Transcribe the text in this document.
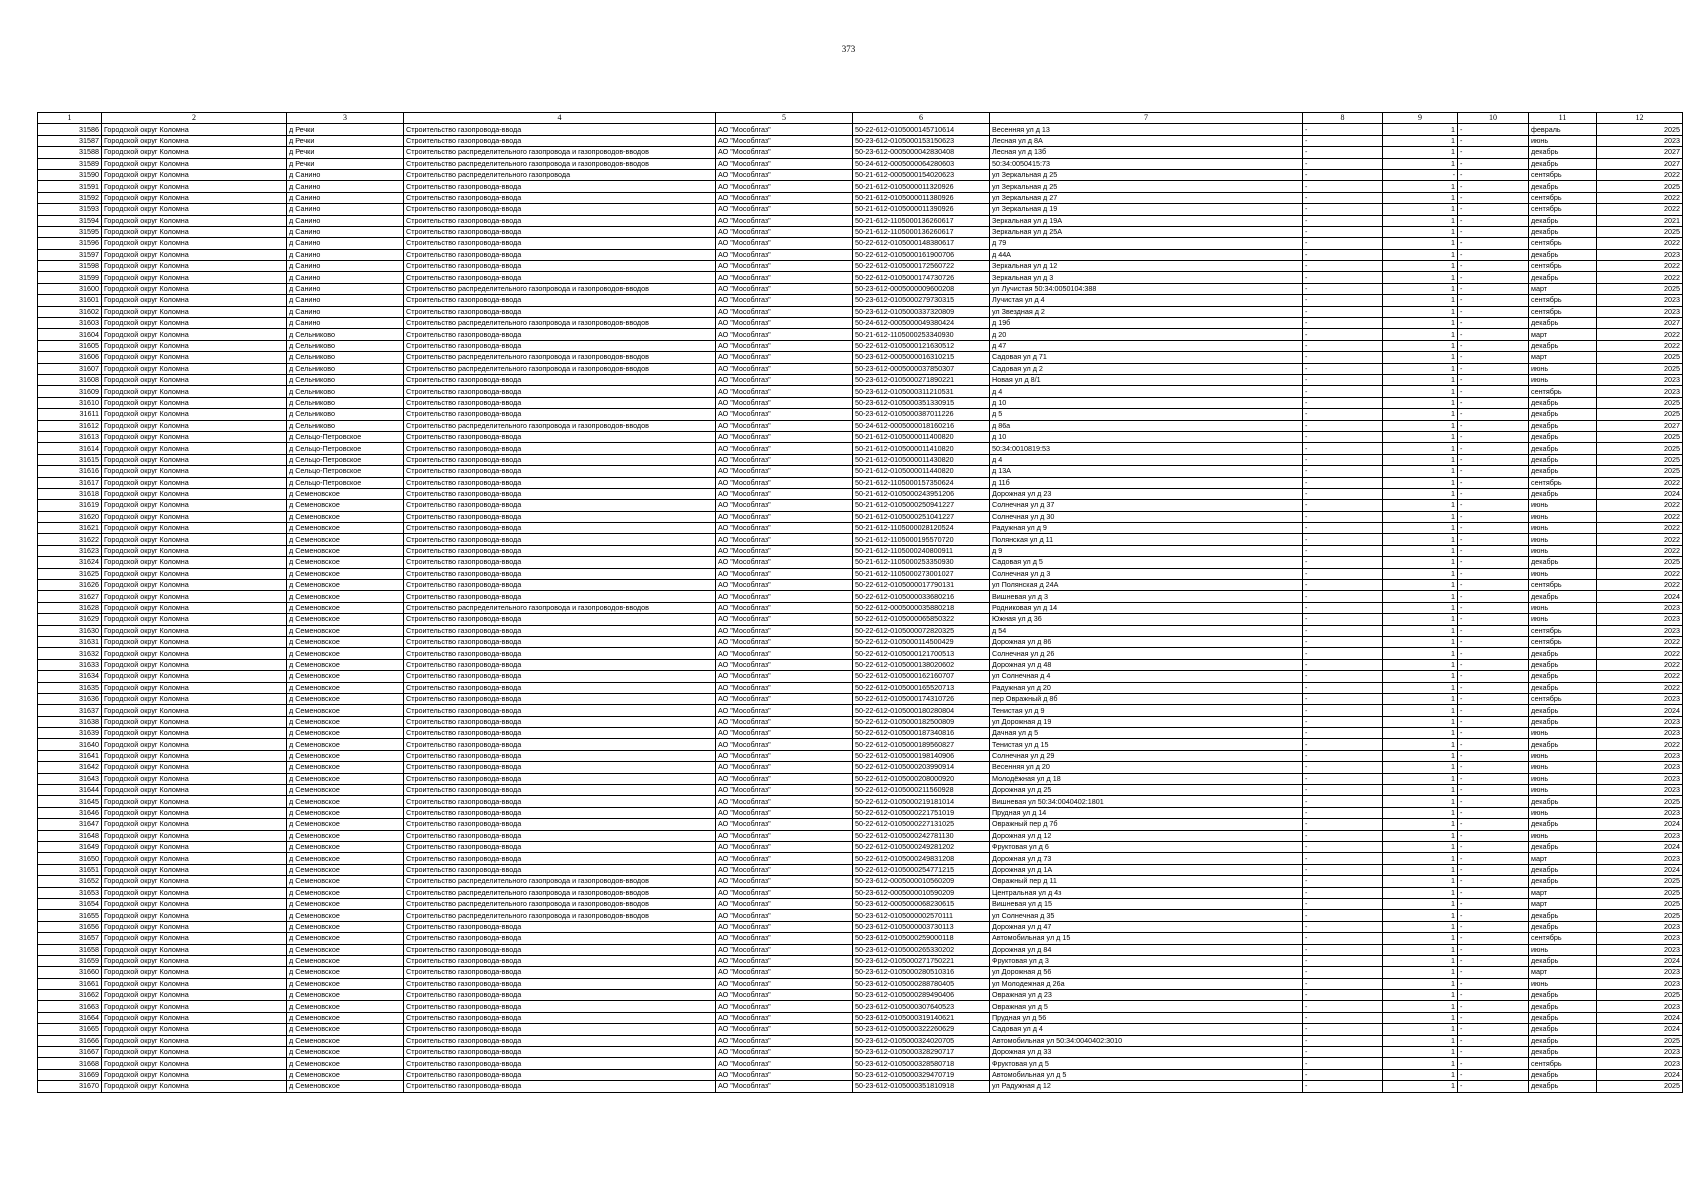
373
1	2	3	4	5	6	7	8	9	10	11	12
31586	Городской округ Коломна	д Речки	Строительство газопровода-ввода	АО "Мособлгаз"	50-22-612-0105000145710614	Весенняя ул д 13	-	1	-	февраль	2025
31587	Городской округ Коломна	д Речки	Строительство газопровода-ввода	АО "Мособлгаз"	50-23-612-0105000153150623	Лесная ул д 8А	-	1	-	июнь	2023
31588	Городской округ Коломна	д Речки	Строительство распределительного газопровода и газопроводов-вводов	АО "Мособлгаз"	50-23-612-0005000042830408	Лесная ул д 13б	-	1	-	декабрь	2027
31589	Городской округ Коломна	д Речки	Строительство распределительного газопровода и газопроводов-вводов	АО "Мособлгаз"	50-24-612-0005000064280603	50:34:0050415:73	-	1	-	декабрь	2027
31590	Городской округ Коломна	д Санино	Строительство распределительного газопровода	АО "Мособлгаз"	50-21-612-0005000154020623	ул Зеркальная д 25	-	-	-	сентябрь	2022
31591	Городской округ Коломна	д Санино	Строительство газопровода-ввода	АО "Мособлгаз"	50-21-612-0105000011320926	ул Зеркальная д 25	-	1	-	декабрь	2025
31592	Городской округ Коломна	д Санино	Строительство газопровода-ввода	АО "Мособлгаз"	50-21-612-0105000011380926	ул Зеркальная д 27	-	1	-	сентябрь	2022
31593	Городской округ Коломна	д Санино	Строительство газопровода-ввода	АО "Мособлгаз"	50-21-612-0105000011390926	ул Зеркальная д 19	-	1	-	сентябрь	2022
31594	Городской округ Коломна	д Санино	Строительство газопровода-ввода	АО "Мособлгаз"	50-21-612-1105000136260617	Зеркальная ул д 19А	-	1	-	декабрь	2021
31595	Городской округ Коломна	д Санино	Строительство газопровода-ввода	АО "Мособлгаз"	50-21-612-1105000136260617	Зеркальная ул д 25А	-	1	-	декабрь	2025
31596	Городской округ Коломна	д Санино	Строительство газопровода-ввода	АО "Мособлгаз"	50-22-612-0105000148380617	д 79	-	1	-	сентябрь	2022
31597	Городской округ Коломна	д Санино	Строительство газопровода-ввода	АО "Мособлгаз"	50-22-612-0105000161900706	д 44А	-	1	-	декабрь	2023
31598	Городской округ Коломна	д Санино	Строительство газопровода-ввода	АО "Мособлгаз"	50-22-612-0105000172560722	Зеркальная ул д 12	-	1	-	сентябрь	2022
31599	Городской округ Коломна	д Санино	Строительство газопровода-ввода	АО "Мособлгаз"	50-22-612-0105000174730726	Зеркальная ул д 3	-	1	-	декабрь	2022
31600	Городской округ Коломна	д Санино	Строительство распределительного газопровода и газопроводов-вводов	АО "Мособлгаз"	50-23-612-0005000009600208	ул Лучистая 50:34:0050104:388	-	1	-	март	2025
31601	Городской округ Коломна	д Санино	Строительство газопровода-ввода	АО "Мособлгаз"	50-23-612-0105000279730315	Лучистая ул д 4	-	1	-	сентябрь	2023
31602	Городской округ Коломна	д Санино	Строительство газопровода-ввода	АО "Мособлгаз"	50-23-612-0105000337320809	ул Звездная д 2	-	1	-	сентябрь	2023
31603	Городской округ Коломна	д Санино	Строительство распределительного газопровода и газопроводов-вводов	АО "Мособлгаз"	50-24-612-0005000049380424	д 19б	-	1	-	декабрь	2027
31604	Городской округ Коломна	д Сельниково	Строительство газопровода-ввода	АО "Мособлгаз"	50-21-612-1105000253340930	д 20	-	1	-	март	2022
31605	Городской округ Коломна	д Сельниково	Строительство газопровода-ввода	АО "Мособлгаз"	50-22-612-0105000121630512	д 47	-	1	-	декабрь	2022
31606	Городской округ Коломна	д Сельниково	Строительство распределительного газопровода и газопроводов-вводов	АО "Мособлгаз"	50-23-612-0005000016310215	Садовая ул д 71	-	1	-	март	2025
31607	Городской округ Коломна	д Сельниково	Строительство распределительного газопровода и газопроводов-вводов	АО "Мособлгаз"	50-23-612-0005000037850307	Садовая ул д 2	-	1	-	июнь	2025
31608	Городской округ Коломна	д Сельниково	Строительство газопровода-ввода	АО "Мособлгаз"	50-23-612-0105000271890221	Новая ул д 8/1	-	1	-	июнь	2023
31609	Городской округ Коломна	д Сельниково	Строительство газопровода-ввода	АО "Мособлгаз"	50-23-612-0105000311210531	д 4	-	1	-	сентябрь	2023
31610	Городской округ Коломна	д Сельниково	Строительство газопровода-ввода	АО "Мособлгаз"	50-23-612-0105000351330915	д 10	-	1	-	декабрь	2025
31611	Городской округ Коломна	д Сельниково	Строительство газопровода-ввода	АО "Мособлгаз"	50-23-612-0105000387011226	д 5	-	1	-	декабрь	2025
31612	Городской округ Коломна	д Сельниково	Строительство распределительного газопровода и газопроводов-вводов	АО "Мособлгаз"	50-24-612-0005000018160216	д 86а	-	1	-	декабрь	2027
31613	Городской округ Коломна	д Сельцо-Петровское	Строительство газопровода-ввода	АО "Мособлгаз"	50-21-612-0105000011400820	д 10	-	1	-	декабрь	2025
31614	Городской округ Коломна	д Сельцо-Петровское	Строительство газопровода-ввода	АО "Мособлгаз"	50-21-612-0105000011410820	50:34:0010819:53	-	1	-	декабрь	2025
31615	Городской округ Коломна	д Сельцо-Петровское	Строительство газопровода-ввода	АО "Мособлгаз"	50-21-612-0105000011430820	д 4	-	1	-	декабрь	2025
31616	Городской округ Коломна	д Сельцо-Петровское	Строительство газопровода-ввода	АО "Мособлгаз"	50-21-612-0105000011440820	д 13А	-	1	-	декабрь	2025
31617	Городской округ Коломна	д Сельцо-Петровское	Строительство газопровода-ввода	АО "Мособлгаз"	50-21-612-1105000157350624	д 11б	-	1	-	сентябрь	2022
31618	Городской округ Коломна	д Семеновское	Строительство газопровода-ввода	АО "Мособлгаз"	50-21-612-0105000243951206	Дорожная ул д 23	-	1	-	декабрь	2024
31619	Городской округ Коломна	д Семеновское	Строительство газопровода-ввода	АО "Мособлгаз"	50-21-612-0105000250941227	Солнечная ул д 37	-	1	-	июнь	2022
31620	Городской округ Коломна	д Семеновское	Строительство газопровода-ввода	АО "Мособлгаз"	50-21-612-0105000251041227	Солнечная ул д 30	-	1	-	июнь	2022
31621	Городской округ Коломна	д Семеновское	Строительство газопровода-ввода	АО "Мособлгаз"	50-21-612-1105000028120524	Радужная ул д 9	-	1	-	июнь	2022
31622	Городской округ Коломна	д Семеновское	Строительство газопровода-ввода	АО "Мособлгаз"	50-21-612-1105000195570720	Полянская ул д 11	-	1	-	июнь	2022
31623	Городской округ Коломна	д Семеновское	Строительство газопровода-ввода	АО "Мособлгаз"	50-21-612-1105000240800911	д 9	-	1	-	июнь	2022
31624	Городской округ Коломна	д Семеновское	Строительство газопровода-ввода	АО "Мособлгаз"	50-21-612-1105000253350930	Садовая ул д 5	-	1	-	декабрь	2025
31625	Городской округ Коломна	д Семеновское	Строительство газопровода-ввода	АО "Мособлгаз"	50-21-612-1105000273001027	Солнечная ул д 3	-	1	-	июнь	2022
31626	Городской округ Коломна	д Семеновское	Строительство газопровода-ввода	АО "Мособлгаз"	50-22-612-0105000017790131	ул Полянская д 24А	-	1	-	сентябрь	2022
31627	Городской округ Коломна	д Семеновское	Строительство газопровода-ввода	АО "Мособлгаз"	50-22-612-0105000033680216	Вишневая ул д 3	-	1	-	декабрь	2024
31628	Городской округ Коломна	д Семеновское	Строительство распределительного газопровода и газопроводов-вводов	АО "Мособлгаз"	50-22-612-0005000035880218	Родниковая ул д 14	-	1	-	июнь	2023
31629	Городской округ Коломна	д Семеновское	Строительство газопровода-ввода	АО "Мособлгаз"	50-22-612-0105000065850322	Южная ул д 36	-	1	-	июнь	2023
31630	Городской округ Коломна	д Семеновское	Строительство газопровода-ввода	АО "Мособлгаз"	50-22-612-0105000072820325	д 54	-	1	-	сентябрь	2023
31631	Городской округ Коломна	д Семеновское	Строительство газопровода-ввода	АО "Мособлгаз"	50-22-612-0105000114500429	Дорожная ул д 86	-	1	-	сентябрь	2022
31632	Городской округ Коломна	д Семеновское	Строительство газопровода-ввода	АО "Мособлгаз"	50-22-612-0105000121700513	Солнечная ул д 26	-	1	-	декабрь	2022
31633	Городской округ Коломна	д Семеновское	Строительство газопровода-ввода	АО "Мособлгаз"	50-22-612-0105000138020602	Дорожная ул д 48	-	1	-	декабрь	2022
31634	Городской округ Коломна	д Семеновское	Строительство газопровода-ввода	АО "Мособлгаз"	50-22-612-0105000162160707	ул Солнечная д 4	-	1	-	декабрь	2022
31635	Городской округ Коломна	д Семеновское	Строительство газопровода-ввода	АО "Мособлгаз"	50-22-612-0105000165520713	Радужная ул д 20	-	1	-	декабрь	2022
31636	Городской округ Коломна	д Семеновское	Строительство газопровода-ввода	АО "Мособлгаз"	50-22-612-0105000174310726	пер Овражный д 8б	-	1	-	сентябрь	2023
31637	Городской округ Коломна	д Семеновское	Строительство газопровода-ввода	АО "Мособлгаз"	50-22-612-0105000180280804	Тенистая ул д 9	-	1	-	декабрь	2024
31638	Городской округ Коломна	д Семеновское	Строительство газопровода-ввода	АО "Мособлгаз"	50-22-612-0105000182500809	ул Дорожная д 19	-	1	-	декабрь	2023
31639	Городской округ Коломна	д Семеновское	Строительство газопровода-ввода	АО "Мособлгаз"	50-22-612-0105000187340816	Дачная ул д 5	-	1	-	июнь	2023
31640	Городской округ Коломна	д Семеновское	Строительство газопровода-ввода	АО "Мособлгаз"	50-22-612-0105000189560827	Тенистая ул д 15	-	1	-	декабрь	2022
31641	Городской округ Коломна	д Семеновское	Строительство газопровода-ввода	АО "Мособлгаз"	50-22-612-0105000198140906	Солнечная ул д 29	-	1	-	июнь	2023
31642	Городской округ Коломна	д Семеновское	Строительство газопровода-ввода	АО "Мособлгаз"	50-22-612-0105000203990914	Весенняя ул д 20	-	1	-	июнь	2023
31643	Городской округ Коломна	д Семеновское	Строительство газопровода-ввода	АО "Мособлгаз"	50-22-612-0105000208000920	Молодёжная ул д 18	-	1	-	июнь	2023
31644	Городской округ Коломна	д Семеновское	Строительство газопровода-ввода	АО "Мособлгаз"	50-22-612-0105000211560928	Дорожная ул д 25	-	1	-	июнь	2023
31645	Городской округ Коломна	д Семеновское	Строительство газопровода-ввода	АО "Мособлгаз"	50-22-612-0105000219181014	Вишневая ул 50:34:0040402:1801	-	1	-	декабрь	2025
31646	Городской округ Коломна	д Семеновское	Строительство газопровода-ввода	АО "Мособлгаз"	50-22-612-0105000221751019	Прудная ул д 14	-	1	-	июнь	2023
31647	Городской округ Коломна	д Семеновское	Строительство газопровода-ввода	АО "Мособлгаз"	50-22-612-0105000227131025	Овражный пер д 7б	-	1	-	декабрь	2024
31648	Городской округ Коломна	д Семеновское	Строительство газопровода-ввода	АО "Мособлгаз"	50-22-612-0105000242781130	Дорожная ул д 12	-	1	-	июнь	2023
31649	Городской округ Коломна	д Семеновское	Строительство газопровода-ввода	АО "Мособлгаз"	50-22-612-0105000249281202	Фруктовая ул д 6	-	1	-	декабрь	2024
31650	Городской округ Коломна	д Семеновское	Строительство газопровода-ввода	АО "Мособлгаз"	50-22-612-0105000249831208	Дорожная ул д 73	-	1	-	март	2023
31651	Городской округ Коломна	д Семеновское	Строительство газопровода-ввода	АО "Мособлгаз"	50-22-612-0105000254771215	Дорожная ул д 1А	-	1	-	декабрь	2024
31652	Городской округ Коломна	д Семеновское	Строительство распределительного газопровода и газопроводов-вводов	АО "Мособлгаз"	50-23-612-0005000010560209	Овражный пер д 11	-	1	-	декабрь	2025
31653	Городской округ Коломна	д Семеновское	Строительство распределительного газопровода и газопроводов-вводов	АО "Мособлгаз"	50-23-612-0005000010590209	Центральная ул д 4з	-	1	-	март	2025
31654	Городской округ Коломна	д Семеновское	Строительство распределительного газопровода и газопроводов-вводов	АО "Мособлгаз"	50-23-612-0005000068230615	Вишневая ул д 15	-	1	-	март	2025
31655	Городской округ Коломна	д Семеновское	Строительство распределительного газопровода и газопроводов-вводов	АО "Мособлгаз"	50-23-612-0105000002570111	ул Солнечная д 35	-	1	-	декабрь	2025
31656	Городской округ Коломна	д Семеновское	Строительство газопровода-ввода	АО "Мособлгаз"	50-23-612-0105000003730113	Дорожная ул д 47	-	1	-	декабрь	2023
31657	Городской округ Коломна	д Семеновское	Строительство газопровода-ввода	АО "Мособлгаз"	50-23-612-0105000259000118	Автомобильная ул д 15	-	1	-	сентябрь	2023
31658	Городской округ Коломна	д Семеновское	Строительство газопровода-ввода	АО "Мособлгаз"	50-23-612-0105000265330202	Дорожная ул д 84	-	1	-	июнь	2023
31659	Городской округ Коломна	д Семеновское	Строительство газопровода-ввода	АО "Мособлгаз"	50-23-612-0105000271750221	Фруктовая ул д 3	-	1	-	декабрь	2024
31660	Городской округ Коломна	д Семеновское	Строительство газопровода-ввода	АО "Мособлгаз"	50-23-612-0105000280510316	ул Дорожная д 56	-	1	-	март	2023
31661	Городской округ Коломна	д Семеновское	Строительство газопровода-ввода	АО "Мособлгаз"	50-23-612-0105000288780405	ул Молодежная д 26а	-	1	-	июнь	2023
31662	Городской округ Коломна	д Семеновское	Строительство газопровода-ввода	АО "Мособлгаз"	50-23-612-0105000289490406	Овражная ул д 23	-	1	-	декабрь	2025
31663	Городской округ Коломна	д Семеновское	Строительство газопровода-ввода	АО "Мособлгаз"	50-23-612-0105000307640523	Овражная ул д 5	-	1	-	декабрь	2023
31664	Городской округ Коломна	д Семеновское	Строительство газопровода-ввода	АО "Мособлгаз"	50-23-612-0105000319140621	Прудная ул д 56	-	1	-	декабрь	2024
31665	Городской округ Коломна	д Семеновское	Строительство газопровода-ввода	АО "Мособлгаз"	50-23-612-0105000322260629	Садовая ул д 4	-	1	-	декабрь	2024
31666	Городской округ Коломна	д Семеновское	Строительство газопровода-ввода	АО "Мособлгаз"	50-23-612-0105000324020705	Автомобильная ул 50:34:0040402:3010	-	1	-	декабрь	2025
31667	Городской округ Коломна	д Семеновское	Строительство газопровода-ввода	АО "Мособлгаз"	50-23-612-0105000328290717	Дорожная ул д 33	-	1	-	декабрь	2023
31668	Городской округ Коломна	д Семеновское	Строительство газопровода-ввода	АО "Мособлгаз"	50-23-612-0105000328580718	Фруктовая ул д 5	-	1	-	сентябрь	2023
31669	Городской округ Коломна	д Семеновское	Строительство газопровода-ввода	АО "Мособлгаз"	50-23-612-0105000329470719	Автомобильная ул д 5	-	1	-	декабрь	2024
31670	Городской округ Коломна	д Семеновское	Строительство газопровода-ввода	АО "Мособлгаз"	50-23-612-0105000351810918	ул Радужная д 12	-	1	-	декабрь	2025
